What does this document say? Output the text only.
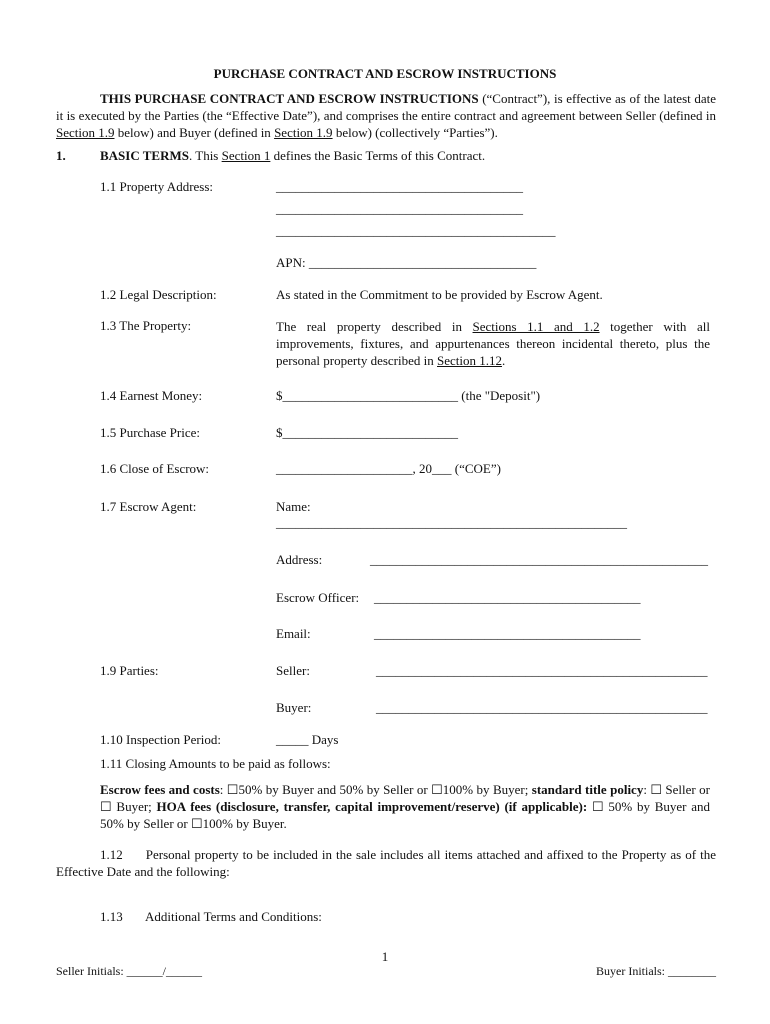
PURCHASE CONTRACT AND ESCROW INSTRUCTIONS
THIS PURCHASE CONTRACT AND ESCROW INSTRUCTIONS (“Contract”), is effective as of the latest date it is executed by the Parties (the “Effective Date”), and comprises the entire contract and agreement between Seller (defined in Section 1.9 below) and Buyer (defined in Section 1.9 below) (collectively “Parties”).
1.	BASIC TERMS. This Section 1 defines the Basic Terms of this Contract.
1.1 Property Address:	______________________________________
______________________________________
___________________________________________
APN: ___________________________________
1.2 Legal Description:	As stated in the Commitment to be provided by Escrow Agent.
1.3 The Property:	The real property described in Sections 1.1 and 1.2 together with all improvements, fixtures, and appurtenances thereon incidental thereto, plus the personal property described in Section 1.12.
1.4 Earnest Money:	$___________________________ (the "Deposit")
1.5 Purchase Price:	$___________________________
1.6 Close of Escrow:	_____________________, 20___ (“COE”)
1.7 Escrow Agent:	Name:
______________________________________________________
Address:	____________________________________________________
Escrow Officer: _________________________________________
Email:	_________________________________________
1.9 Parties:	Seller:	___________________________________________________
Buyer:	___________________________________________________
1.10 Inspection Period:	_____ Days
1.11 Closing Amounts to be paid as follows:
Escrow fees and costs: ☐50% by Buyer and 50% by Seller or ☐100% by Buyer; standard title policy: ☐ Seller or ☐ Buyer; HOA fees (disclosure, transfer, capital improvement/reserve) (if applicable): ☐ 50% by Buyer and 50% by Seller or ☐100% by Buyer.
1.12 Personal property to be included in the sale includes all items attached and affixed to the Property as of the Effective Date and the following:
1.13 Additional Terms and Conditions:
1
Seller Initials: ______/______	Buyer Initials: ________
